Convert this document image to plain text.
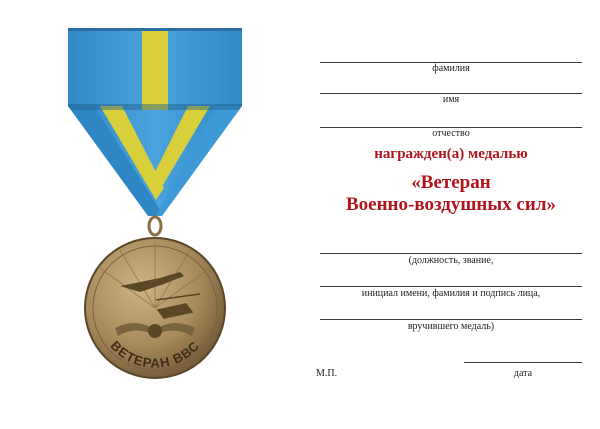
ВЕТЕРАН ВВС
фамилия
имя
отчество
награжден(а) медалью
«Ветеран
Военно-воздушных сил»
(должность, звание,
инициал имени, фамилия и подпись лица,
вручившего медаль)
М.П.	дата
